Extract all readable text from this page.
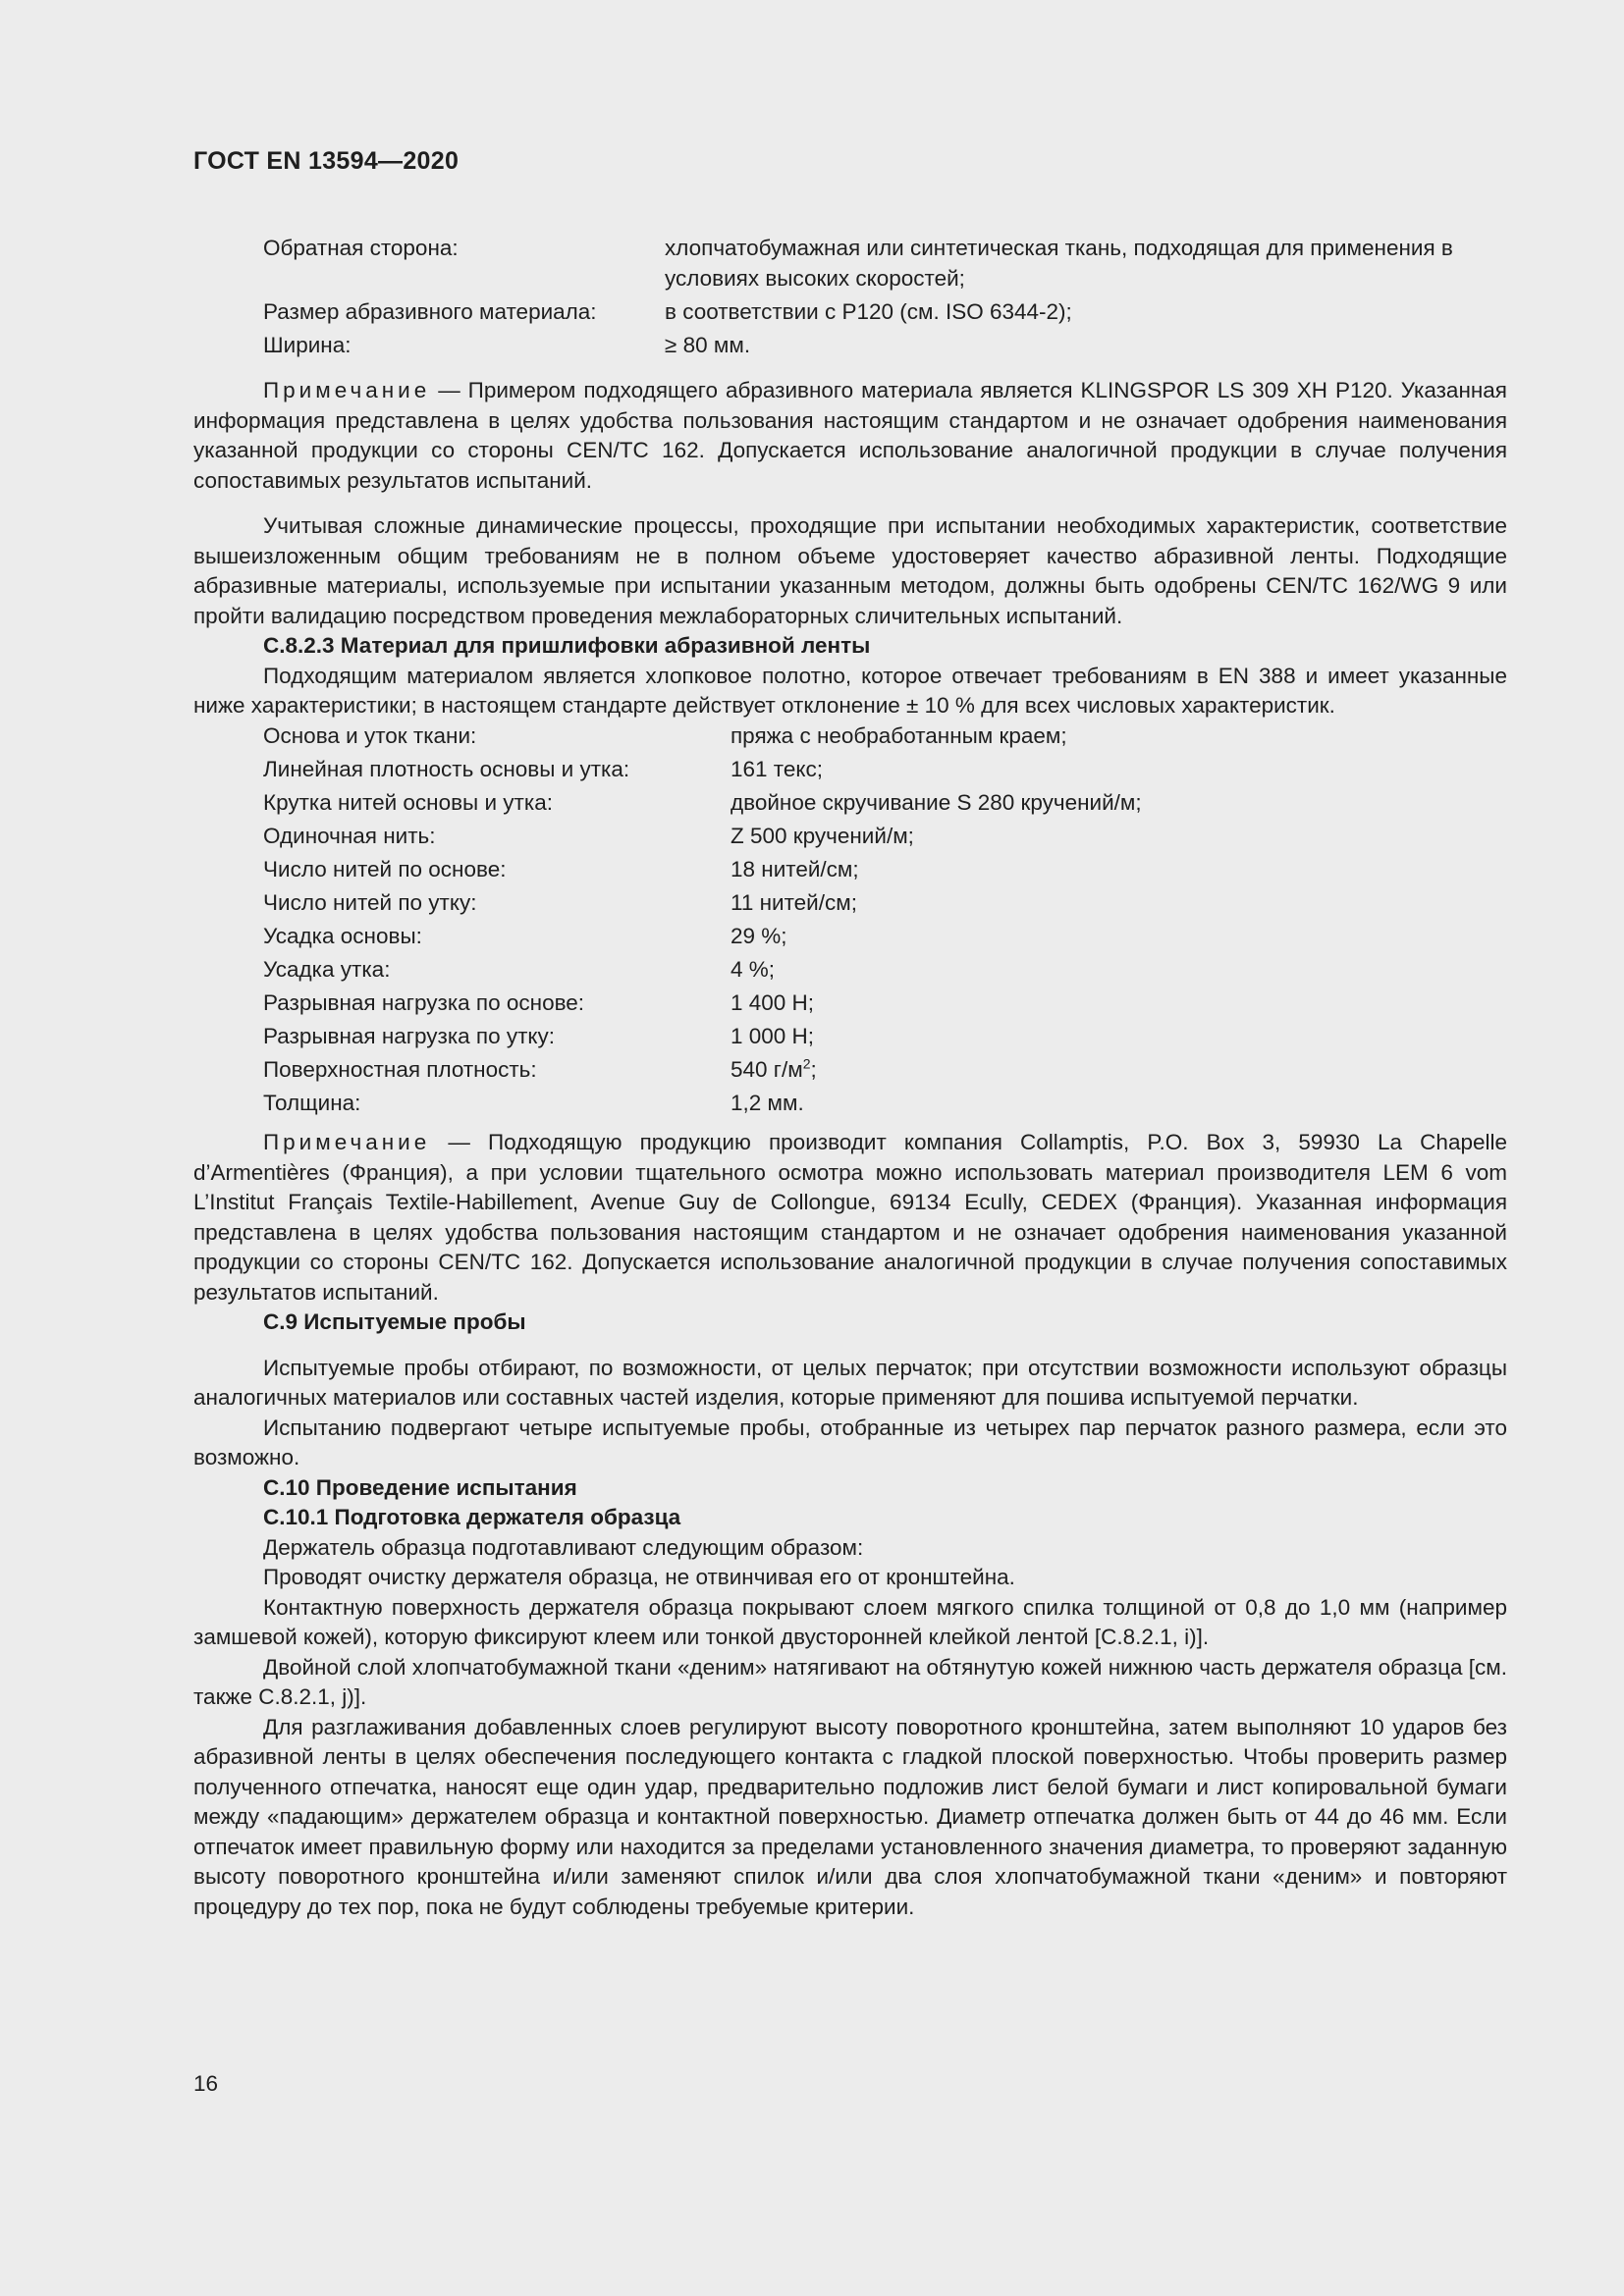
ГОСТ EN 13594—2020
Обратная сторона:	хлопчатобумажная или синтетическая ткань, подходящая для применения в условиях высоких скоростей;
Размер абразивного материала:	в соответствии с Р120 (см. ISO 6344-2);
Ширина:	≥ 80 мм.

Примечание — Примером подходящего абразивного материала является KLINGSPOR LS 309 XH P120. Указанная информация представлена в целях удобства пользования настоящим стандартом и не означает одобрения наименования указанной продукции со стороны CEN/TC 162. Допускается использование аналогичной продукции в случае получения сопоставимых результатов испытаний.

Учитывая сложные динамические процессы, проходящие при испытании необходимых характеристик, соответствие вышеизложенным общим требованиям не в полном объеме удостоверяет качество абразивной ленты. Подходящие абразивные материалы, используемые при испытании указанным методом, должны быть одобрены CEN/TC 162/WG 9 или пройти валидацию посредством проведения межлабораторных сличительных испытаний.

С.8.2.3 Материал для пришлифовки абразивной ленты

Подходящим материалом является хлопковое полотно, которое отвечает требованиям в EN 388 и имеет указанные ниже характеристики; в настоящем стандарте действует отклонение ± 10 % для всех числовых характеристик.

Основа и уток ткани:	пряжа с необработанным краем;
Линейная плотность основы и утка:	161 текс;
Крутка нитей основы и утка:	двойное скручивание S 280 кручений/м;
Одиночная нить:	Z 500 кручений/м;
Число нитей по основе:	18 нитей/см;
Число нитей по утку:	11 нитей/см;
Усадка основы:	29 %;
Усадка утка:	4 %;
Разрывная нагрузка по основе:	1 400 Н;
Разрывная нагрузка по утку:	1 000 Н;
Поверхностная плотность:	540 $г/м^2$;
Толщина:	1,2 мм.

Примечание — Подходящую продукцию производит компания Collamptis, P.O. Box 3, 59930 La Chapelle d’Armentières (Франция), а при условии тщательного осмотра можно использовать материал производителя LEM 6 vom L’Institut Français Textile-Habillement, Avenue Guy de Collongue, 69134 Ecully, CEDEX (Франция). Указанная информация представлена в целях удобства пользования настоящим стандартом и не означает одобрения наименования указанной продукции со стороны CEN/TC 162. Допускается использование аналогичной продукции в случае получения сопоставимых результатов испытаний.

С.9 Испытуемые пробы

Испытуемые пробы отбирают, по возможности, от целых перчаток; при отсутствии возможности используют образцы аналогичных материалов или составных частей изделия, которые применяют для пошива испытуемой перчатки.

Испытанию подвергают четыре испытуемые пробы, отобранные из четырех пар перчаток разного размера, если это возможно.

С.10 Проведение испытания

С.10.1 Подготовка держателя образца

Держатель образца подготавливают следующим образом:

Проводят очистку держателя образца, не отвинчивая его от кронштейна.

Контактную поверхность держателя образца покрывают слоем мягкого спилка толщиной от 0,8 до 1,0 мм (например замшевой кожей), которую фиксируют клеем или тонкой двусторонней клейкой лентой [С.8.2.1, i)].

Двойной слой хлопчатобумажной ткани «деним» натягивают на обтянутую кожей нижнюю часть держателя образца [см. также С.8.2.1, j)].

Для разглаживания добавленных слоев регулируют высоту поворотного кронштейна, затем выполняют 10 ударов без абразивной ленты в целях обеспечения последующего контакта с гладкой плоской поверхностью. Чтобы проверить размер полученного отпечатка, наносят еще один удар, предварительно подложив лист белой бумаги и лист копировальной бумаги между «падающим» держателем образца и контактной поверхностью. Диаметр отпечатка должен быть от 44 до 46 мм. Если отпечаток имеет правильную форму или находится за пределами установленного значения диаметра, то проверяют заданную высоту поворотного кронштейна и/или заменяют спилок и/или два слоя хлопчатобумажной ткани «деним» и повторяют процедуру до тех пор, пока не будут соблюдены требуемые критерии.

16
